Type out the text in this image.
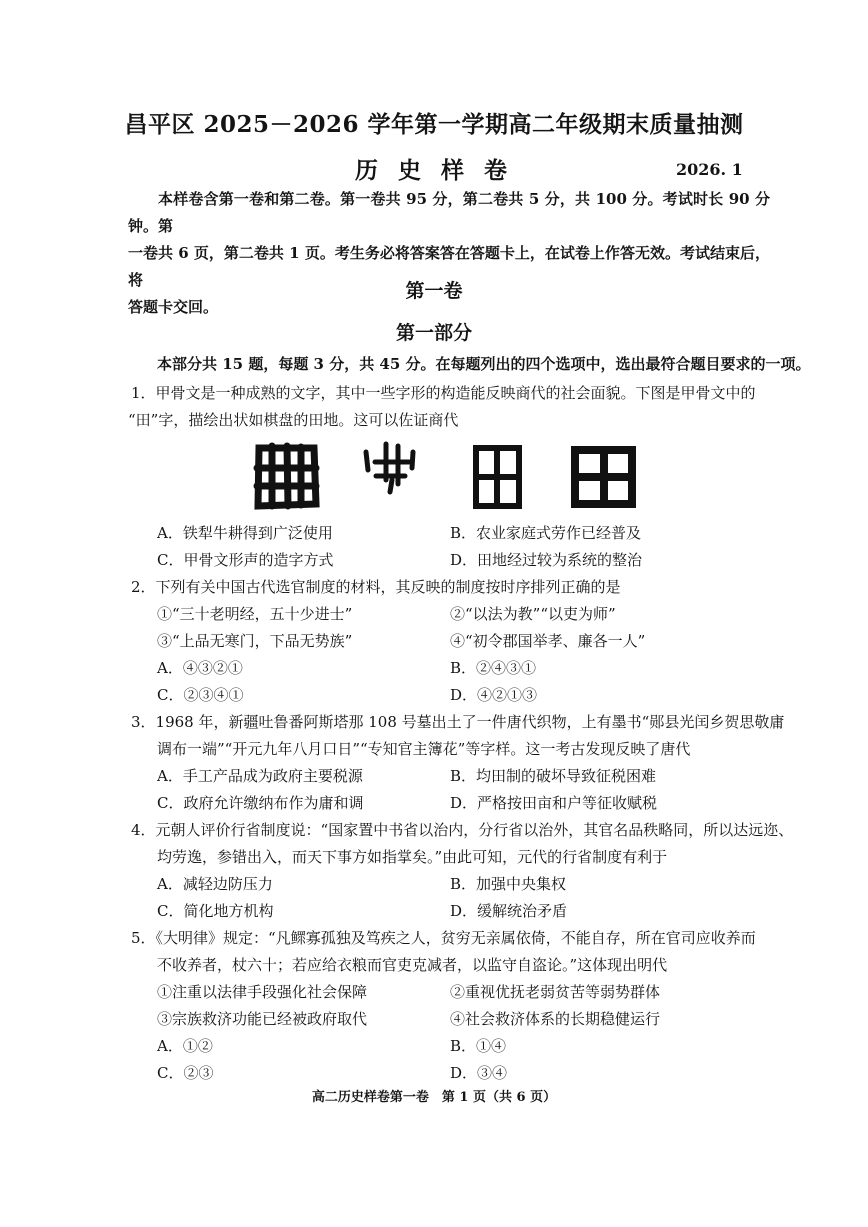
昌平区 2025－2026 学年第一学期高二年级期末质量抽测
历 史 样 卷	2026. 1
本样卷含第一卷和第二卷。第一卷共 95 分，第二卷共 5 分，共 100 分。考试时长 90 分钟。第
一卷共 6 页，第二卷共 1 页。考生务必将答案答在答题卡上，在试卷上作答无效。考试结束后，将
答题卡交回。
第一卷
第一部分
本部分共 15 题，每题 3 分，共 45 分。在每题列出的四个选项中，选出最符合题目要求的一项。
1．甲骨文是一种成熟的文字，其中一些字形的构造能反映商代的社会面貌。下图是甲骨文中的
“田”字，描绘出状如棋盘的田地。这可以佐证商代
A．铁犁牛耕得到广泛使用	B．农业家庭式劳作已经普及
C．甲骨文形声的造字方式	D．田地经过较为系统的整治
2．下列有关中国古代选官制度的材料，其反映的制度按时序排列正确的是
①“三十老明经，五十少进士”	②“以法为教”“以吏为师”
③“上品无寒门，下品无势族”	④“初令郡国举孝、廉各一人”
A．④③②①	B．②④③①
C．②③④①	D．④②①③
3．1968 年，新疆吐鲁番阿斯塔那 108 号墓出土了一件唐代织物，上有墨书“郧县光闰乡贺思敬庸
调布一端”“开元九年八月口日”“专知官主簿花”等字样。这一考古发现反映了唐代
A．手工产品成为政府主要税源	B．均田制的破坏导致征税困难
C．政府允许缴纳布作为庸和调	D．严格按田亩和户等征收赋税
4．元朝人评价行省制度说：“国家置中书省以治内，分行省以治外，其官名品秩略同，所以达远迩、
均劳逸，参错出入，而天下事方如指掌矣。”由此可知，元代的行省制度有利于
A．减轻边防压力	B．加强中央集权
C．简化地方机构	D．缓解统治矛盾
5．《大明律》规定：“凡鳏寡孤独及笃疾之人，贫穷无亲属依倚，不能自存，所在官司应收养而
不收养者，杖六十；若应给衣粮而官吏克减者，以监守自盗论。”这体现出明代
①注重以法律手段强化社会保障	②重视优抚老弱贫苦等弱势群体
③宗族救济功能已经被政府取代	④社会救济体系的长期稳健运行
A．①②	B．①④
C．②③	D．③④
高二历史样卷第一卷　第 1 页（共 6 页）
